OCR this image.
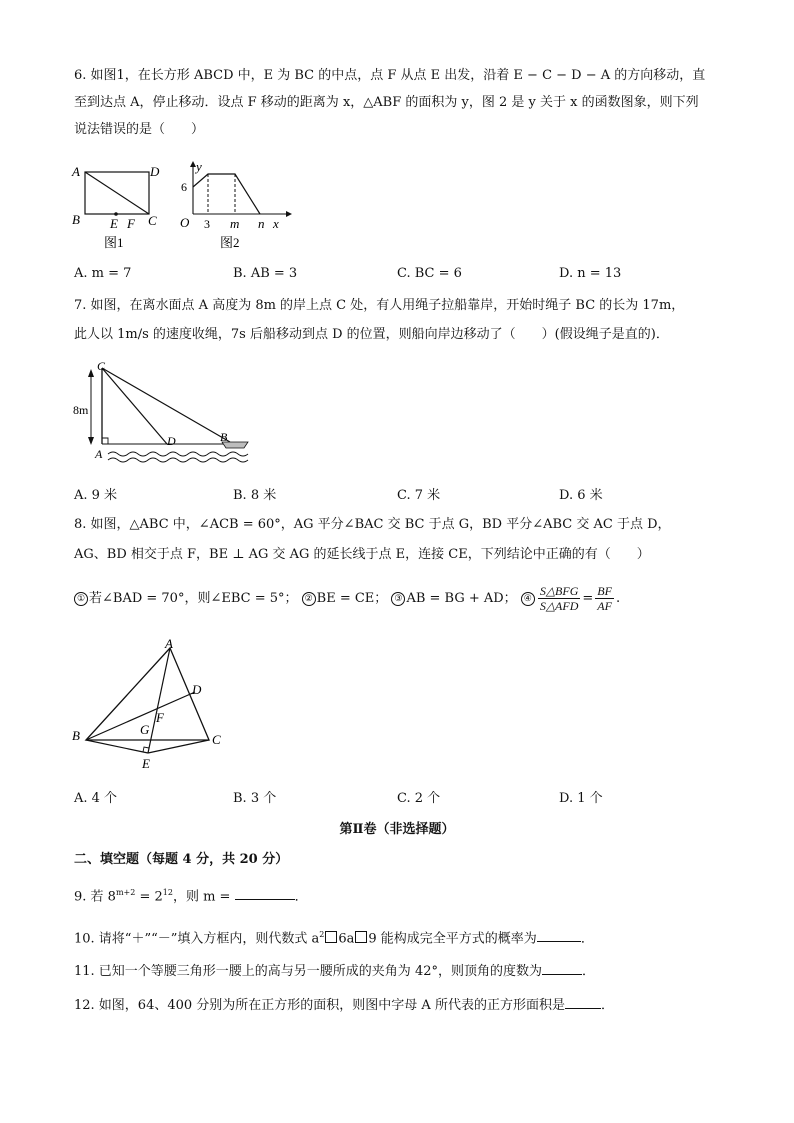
6. 如图1，在长方形 ABCD 中，E 为 BC 的中点，点 F 从点 E 出发，沿着 E − C − D − A 的方向移动，直
至到达点 A，停止移动．设点 F 移动的距离为 x，△ABF 的面积为 y，图 2 是 y 关于 x 的函数图象，则下列
说法错误的是（　　）
A	D
B	C
E F
图1
y
6
O 3 m n x
图2
A. m = 7	B. AB = 3	C. BC = 6	D. n = 13
7. 如图，在离水面点 A 高度为 8m 的岸上点 C 处，有人用绳子拉船靠岸，开始时绳子 BC 的长为 17m，
此人以 1m/s 的速度收绳，7s 后船移动到点 D 的位置，则船向岸边移动了（　　）(假设绳子是直的)．
C
8m
A
D	B
A. 9 米	B. 8 米	C. 7 米	D. 6 米
8. 如图，△ABC 中，∠ACB = 60°，AG 平分∠BAC 交 BC 于点 G，BD 平分∠ABC 交 AC 于点 D，
AG、BD 相交于点 F，BE ⊥ AG 交 AG 的延长线于点 E，连接 CE，下列结论中正确的有（　　）
① 若∠BAD = 70°，则∠EBC = 5°； ② BE = CE； ③ AB = BG + AD； ④ $\frac{\text{S△BFG}}{\text{S△AFD}} = \frac{BF}{AF}$ .
A
D
B	C
F
G
E
A. 4 个	B. 3 个	C. 2 个	D. 1 个
第Ⅱ卷（非选择题）
二、填空题（每题 4 分，共 20 分）
9. 若 $8^{m+2} = 2^{12}$，则 m =	．
10. 请将“＋”“－”填入方框内，则代数式 $a^2$ 6a 9 能构成完全平方式的概率为	．
11. 已知一个等腰三角形一腰上的高与另一腰所成的夹角为 42°，则顶角的度数为	．
12. 如图，64、400 分别为所在正方形的面积，则图中字母 A 所代表的正方形面积是	．
